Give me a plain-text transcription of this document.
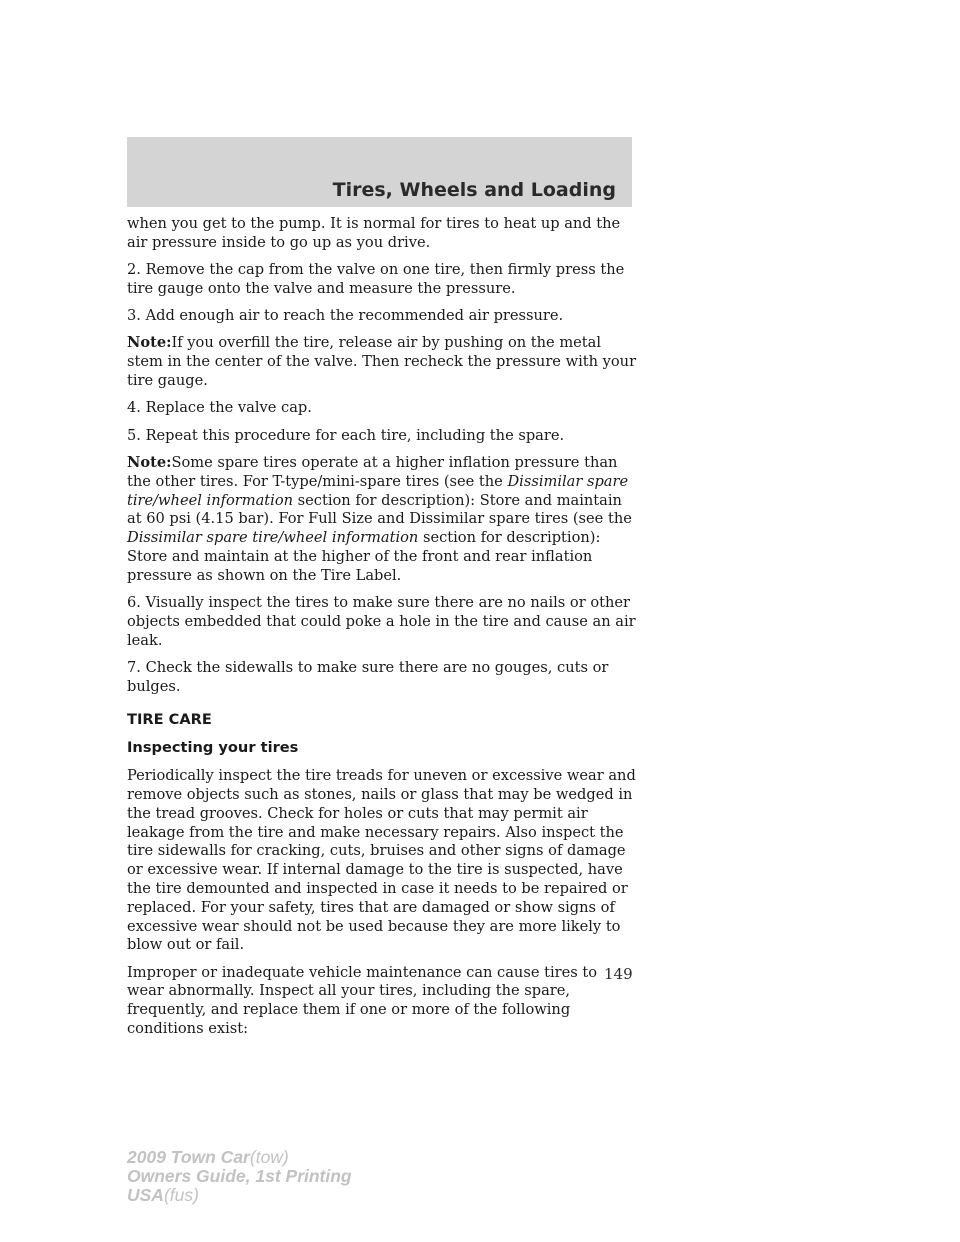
Tires, Wheels and Loading

when you get to the pump. It is normal for tires to heat up and the air pressure inside to go up as you drive.

2. Remove the cap from the valve on one tire, then firmly press the tire gauge onto the valve and measure the pressure.

3. Add enough air to reach the recommended air pressure.

Note:If you overfill the tire, release air by pushing on the metal stem in the center of the valve. Then recheck the pressure with your tire gauge.

4. Replace the valve cap.

5. Repeat this procedure for each tire, including the spare.

Note:Some spare tires operate at a higher inflation pressure than the other tires. For T-type/mini-spare tires (see the Dissimilar spare tire/wheel information section for description): Store and maintain at 60 psi (4.15 bar). For Full Size and Dissimilar spare tires (see the Dissimilar spare tire/wheel information section for description): Store and maintain at the higher of the front and rear inflation pressure as shown on the Tire Label.

6. Visually inspect the tires to make sure there are no nails or other objects embedded that could poke a hole in the tire and cause an air leak.

7. Check the sidewalls to make sure there are no gouges, cuts or bulges.

TIRE CARE
Inspecting your tires

Periodically inspect the tire treads for uneven or excessive wear and remove objects such as stones, nails or glass that may be wedged in the tread grooves. Check for holes or cuts that may permit air leakage from the tire and make necessary repairs. Also inspect the tire sidewalls for cracking, cuts, bruises and other signs of damage or excessive wear. If internal damage to the tire is suspected, have the tire demounted and inspected in case it needs to be repaired or replaced. For your safety, tires that are damaged or show signs of excessive wear should not be used because they are more likely to blow out or fail.

Improper or inadequate vehicle maintenance can cause tires to wear abnormally. Inspect all your tires, including the spare, frequently, and replace them if one or more of the following conditions exist:

149
2009 Town Car(tow)
Owners Guide, 1st Printing
USA(fus)
